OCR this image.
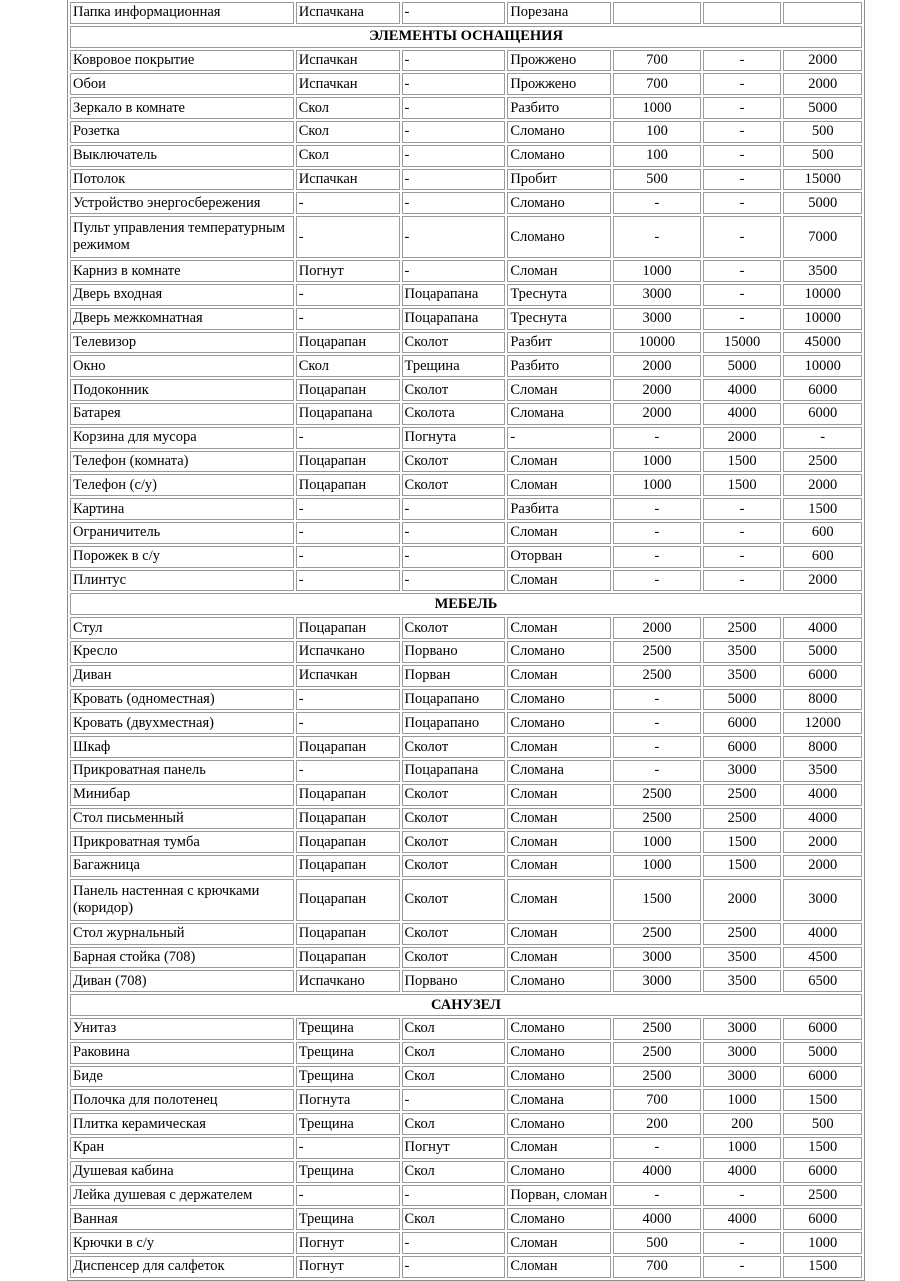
Папка информационная	Испачкана	-	Порезана			
ЭЛЕМЕНТЫ ОСНАЩЕНИЯ						
Ковровое покрытие	Испачкан	-	Прожжено	700	-	2000
Обои	Испачкан	-	Прожжено	700	-	2000
Зеркало в комнате	Скол	-	Разбито	1000	-	5000
Розетка	Скол	-	Сломано	100	-	500
Выключатель	Скол	-	Сломано	100	-	500
Потолок	Испачкан	-	Пробит	500	-	15000
Устройство энергосбережения	-	-	Сломано	-	-	5000
Пульт управления температурным режимом	-	-	Сломано	-	-	7000
Карниз в комнате	Погнут	-	Сломан	1000	-	3500
Дверь входная	-	Поцарапана	Треснута	3000	-	10000
Дверь межкомнатная	-	Поцарапана	Треснута	3000	-	10000
Телевизор	Поцарапан	Сколот	Разбит	10000	15000	45000
Окно	Скол	Трещина	Разбито	2000	5000	10000
Подоконник	Поцарапан	Сколот	Сломан	2000	4000	6000
Батарея	Поцарапана	Сколота	Сломана	2000	4000	6000
Корзина для мусора	-	Погнута	-	-	2000	-
Телефон (комната)	Поцарапан	Сколот	Сломан	1000	1500	2500
Телефон (с/у)	Поцарапан	Сколот	Сломан	1000	1500	2000
Картина	-	-	Разбита	-	-	1500
Ограничитель	-	-	Сломан	-	-	600
Порожек в с/у	-	-	Оторван	-	-	600
Плинтус	-	-	Сломан	-	-	2000
МЕБЕЛЬ						
Стул	Поцарапан	Сколот	Сломан	2000	2500	4000
Кресло	Испачкано	Порвано	Сломано	2500	3500	5000
Диван	Испачкан	Порван	Сломан	2500	3500	6000
Кровать (одноместная)	-	Поцарапано	Сломано	-	5000	8000
Кровать (двухместная)	-	Поцарапано	Сломано	-	6000	12000
Шкаф	Поцарапан	Сколот	Сломан	-	6000	8000
Прикроватная панель	-	Поцарапана	Сломана	-	3000	3500
Минибар	Поцарапан	Сколот	Сломан	2500	2500	4000
Стол письменный	Поцарапан	Сколот	Сломан	2500	2500	4000
Прикроватная тумба	Поцарапан	Сколот	Сломан	1000	1500	2000
Багажница	Поцарапан	Сколот	Сломан	1000	1500	2000
Панель настенная с крючками (коридор)	Поцарапан	Сколот	Сломан	1500	2000	3000
Стол журнальный	Поцарапан	Сколот	Сломан	2500	2500	4000
Барная стойка (708)	Поцарапан	Сколот	Сломан	3000	3500	4500
Диван (708)	Испачкано	Порвано	Сломано	3000	3500	6500
САНУЗЕЛ						
Унитаз	Трещина	Скол	Сломано	2500	3000	6000
Раковина	Трещина	Скол	Сломано	2500	3000	5000
Биде	Трещина	Скол	Сломано	2500	3000	6000
Полочка для полотенец	Погнута	-	Сломана	700	1000	1500
Плитка керамическая	Трещина	Скол	Сломано	200	200	500
Кран	-	Погнут	Сломан	-	1000	1500
Душевая кабина	Трещина	Скол	Сломано	4000	4000	6000
Лейка душевая с держателем	-	-	Порван, сломан	-	-	2500
Ванная	Трещина	Скол	Сломано	4000	4000	6000
Крючки в с/у	Погнут	-	Сломан	500	-	1000
Диспенсер для салфеток	Погнут	-	Сломан	700	-	1500
